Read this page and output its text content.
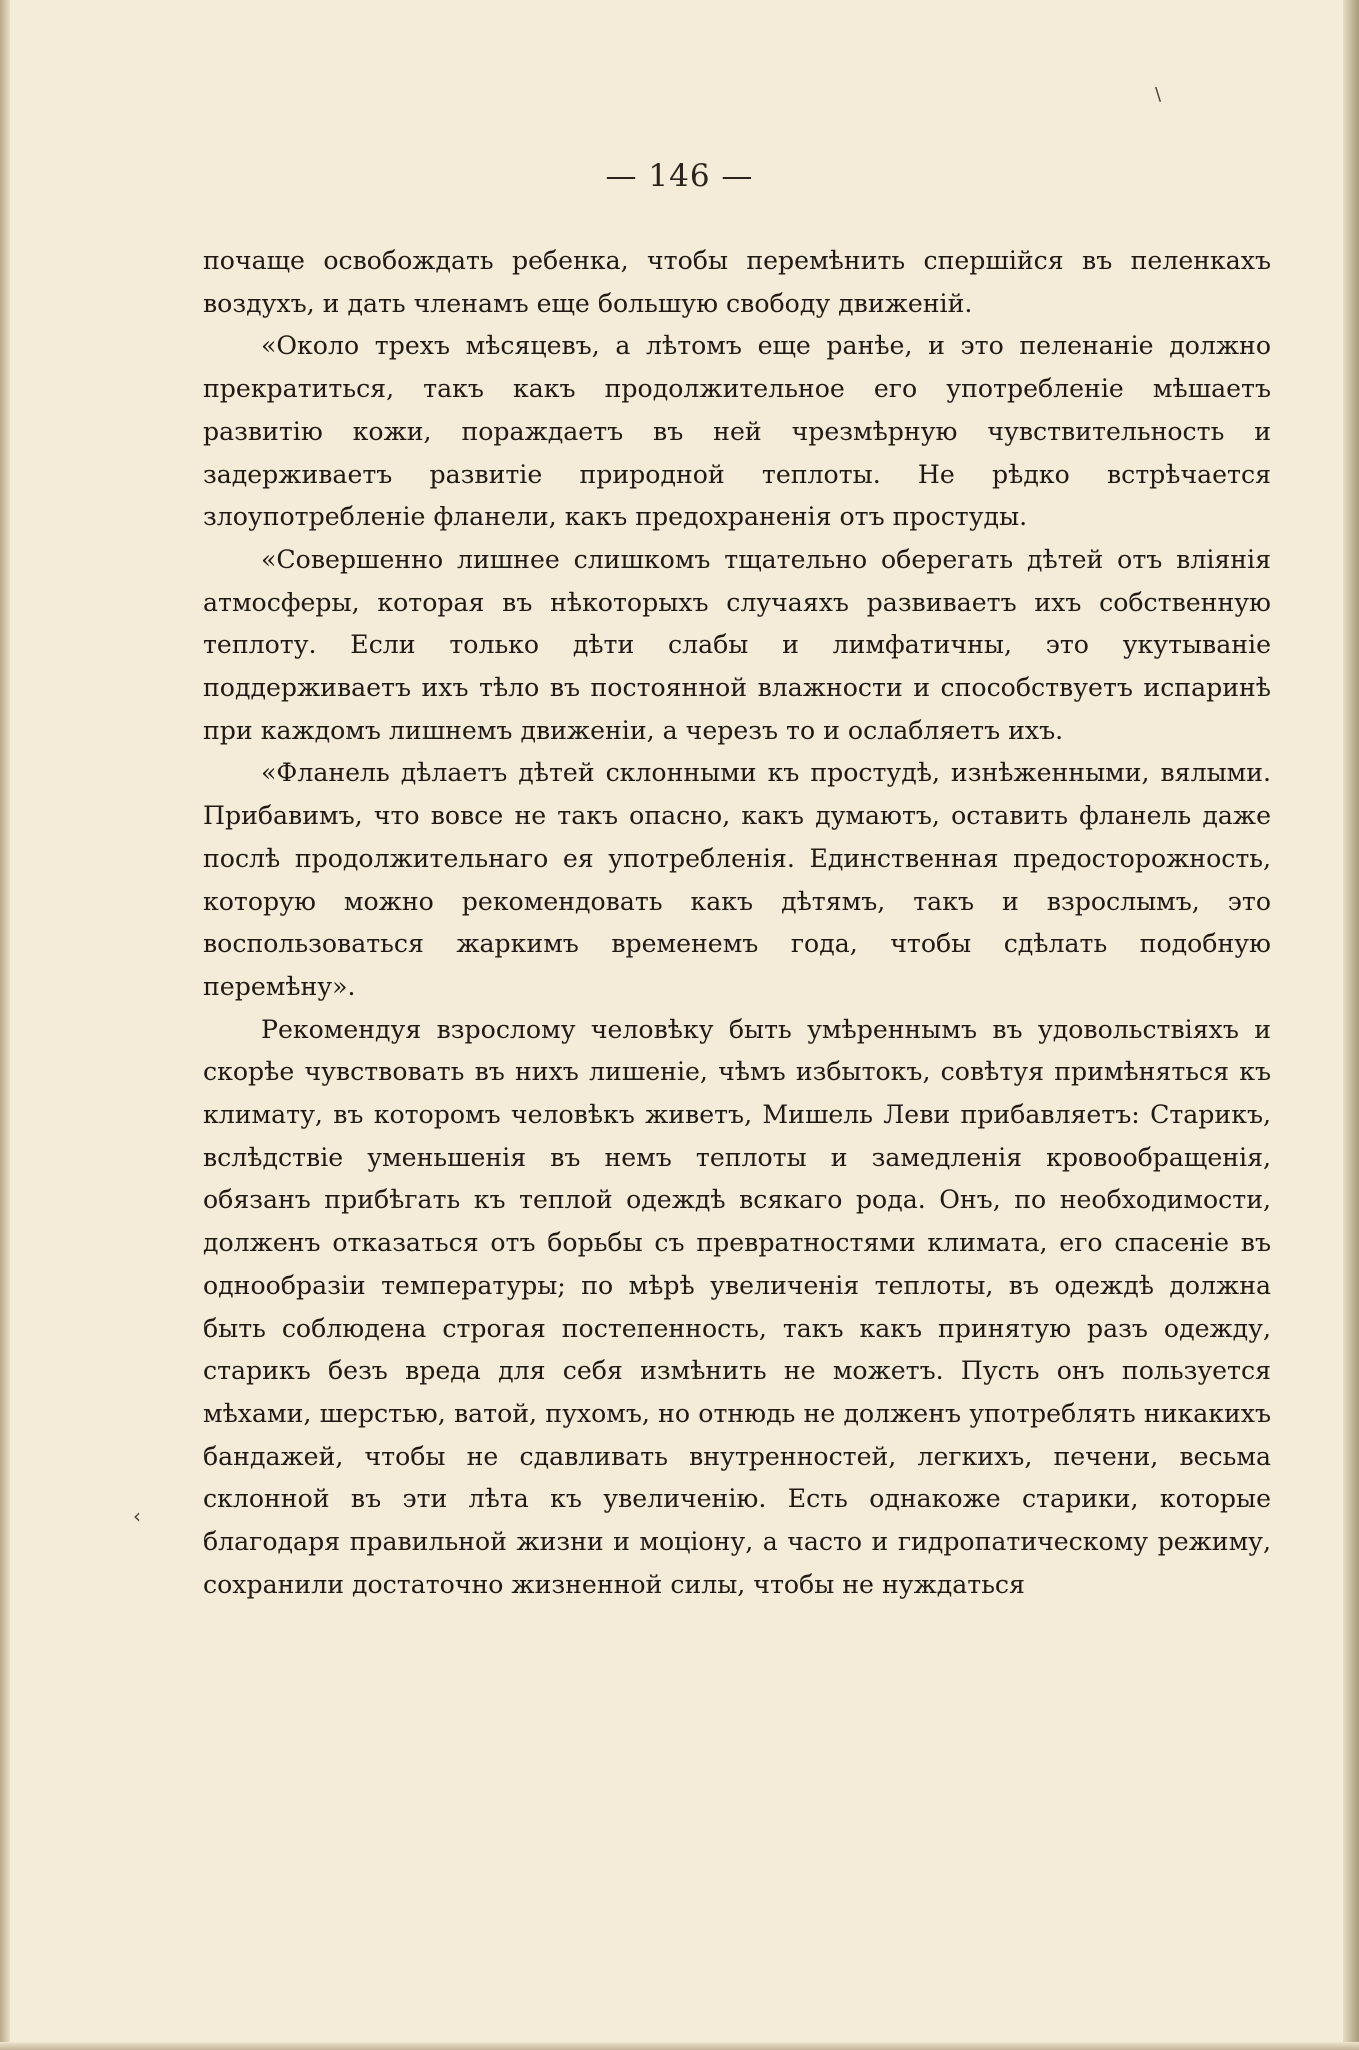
\
‹
— 146 —

почаще освобождать ребенка, чтобы перемѣнить спершійся въ пеленкахъ воздухъ, и дать членамъ еще большую свободу движеній.

«Около трехъ мѣсяцевъ, а лѣтомъ еще ранѣе, и это пеленаніе должно прекратиться, такъ какъ продолжительное его употребленіе мѣшаетъ развитію кожи, пораждаетъ въ ней чрезмѣрную чувствительность и задерживаетъ развитіе природной теплоты. Не рѣдко встрѣчается злоупотребленіе фланели, какъ предохраненія отъ простуды.

«Совершенно лишнее слишкомъ тщательно оберегать дѣтей отъ вліянія атмосферы, которая въ нѣкоторыхъ случаяхъ развиваетъ ихъ собственную теплоту. Если только дѣти слабы и лимфатичны, это укутываніе поддерживаетъ ихъ тѣло въ постоянной влажности и способствуетъ испаринѣ при каждомъ лишнемъ движеніи, а черезъ то и ослабляетъ ихъ.

«Фланель дѣлаетъ дѣтей склонными къ простудѣ, изнѣженными, вялыми. Прибавимъ, что вовсе не такъ опасно, какъ думаютъ, оставить фланель даже послѣ продолжительнаго ея употребленія. Единственная предосторожность, которую можно рекомендовать какъ дѣтямъ, такъ и взрослымъ, это воспользоваться жаркимъ временемъ года, чтобы сдѣлать подобную перемѣну».

Рекомендуя взрослому человѣку быть умѣреннымъ въ удовольствіяхъ и скорѣе чувствовать въ нихъ лишеніе, чѣмъ избытокъ, совѣтуя примѣняться къ климату, въ которомъ человѣкъ живетъ, Мишель Леви прибавляетъ: Старикъ, вслѣдствіе уменьшенія въ немъ теплоты и замедленія кровообращенія, обязанъ прибѣгать къ теплой одеждѣ всякаго рода. Онъ, по необходимости, долженъ отказаться отъ борьбы съ превратностями климата, его спасеніе въ однообразіи температуры; по мѣрѣ увеличенія теплоты, въ одеждѣ должна быть соблюдена строгая постепенность, такъ какъ принятую разъ одежду, старикъ безъ вреда для себя измѣнить не можетъ. Пусть онъ пользуется мѣхами, шерстью, ватой, пухомъ, но отнюдь не долженъ употреблять никакихъ бандажей, чтобы не сдавливать внутренностей, легкихъ, печени, весьма склонной въ эти лѣта къ увеличенію. Есть однакоже старики, которые благодаря правильной жизни и моціону, а часто и гидропатическому режиму, сохранили достаточно жизненной силы, чтобы не нуждаться
